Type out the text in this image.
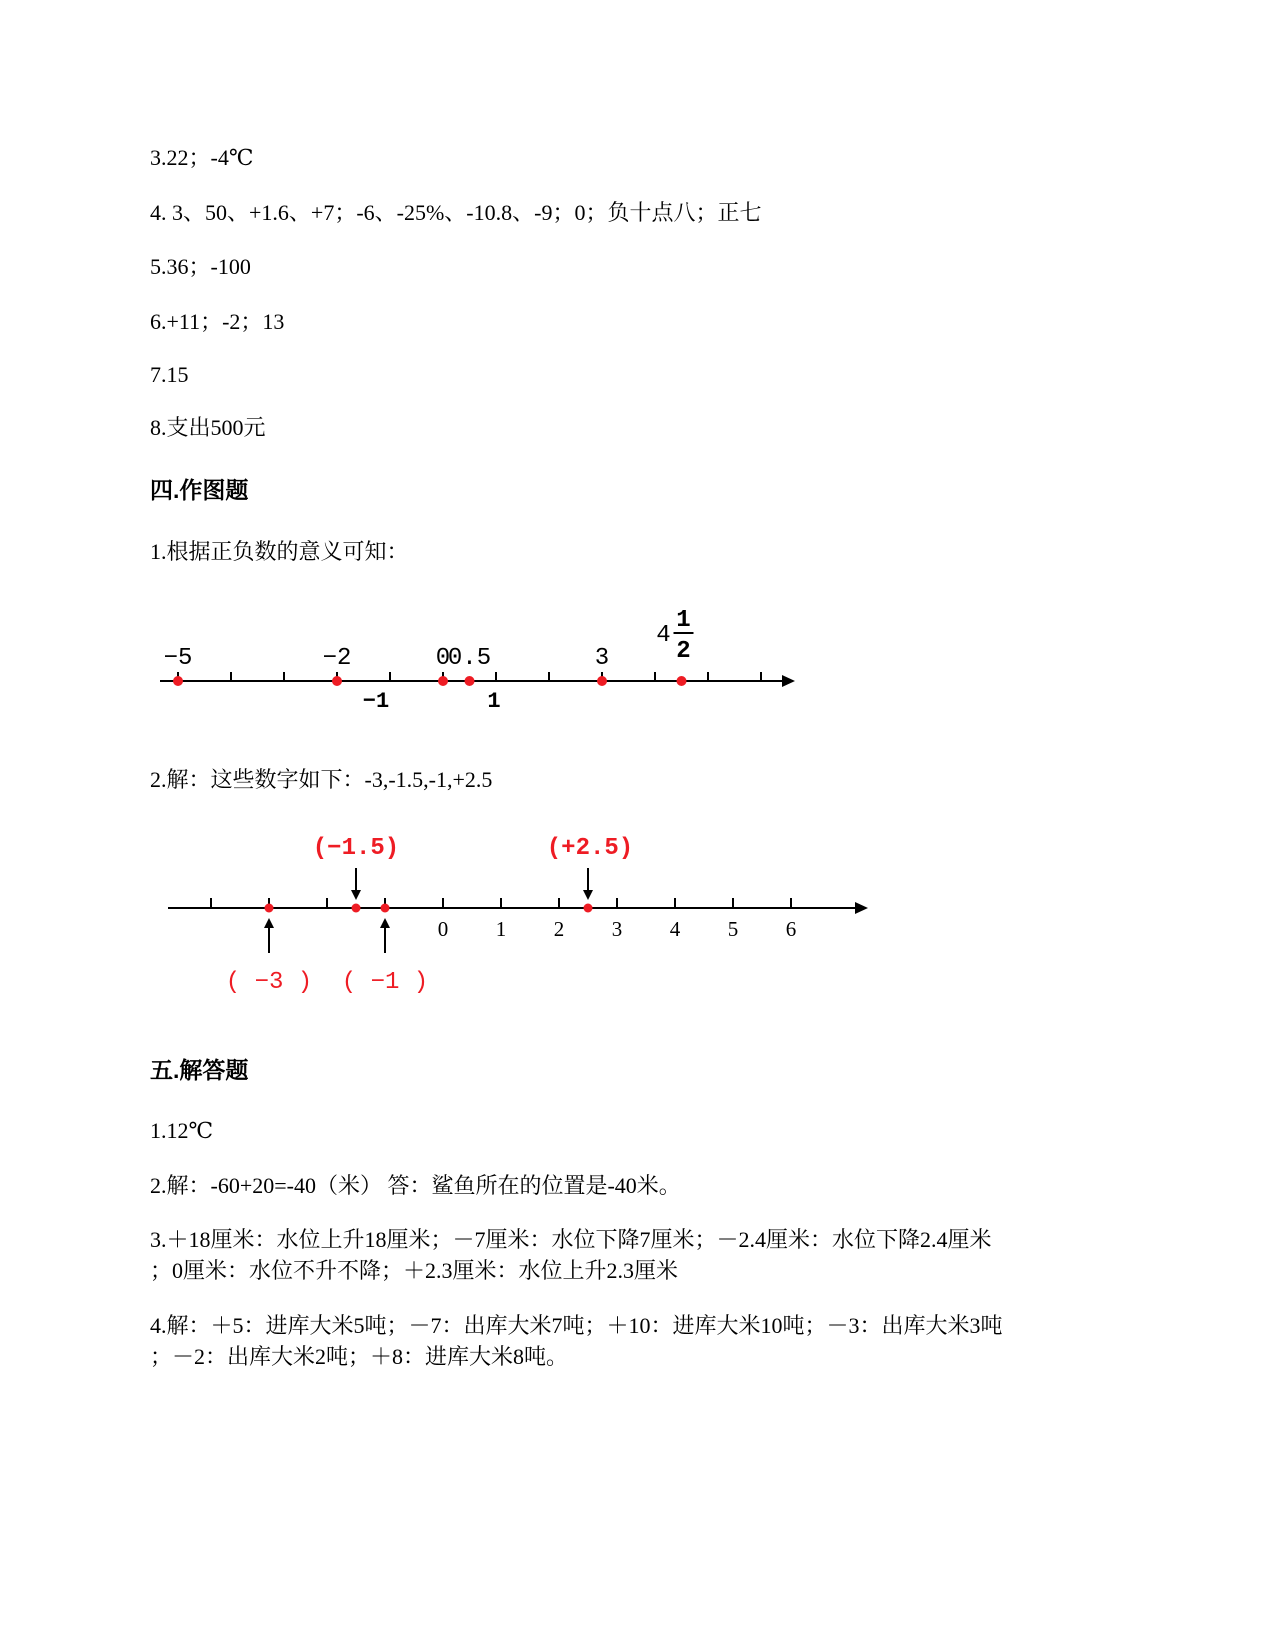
3.22；-4℃
4. 3、50、+1.6、+7；-6、-25%、-10.8、-9；0；负十点八；正七
5.36；-100
6.+11；-2；13
7.15
8.支出500元
四.作图题
1.根据正负数的意义可知：
−5	−2	0
0.5	3
4
1
2
−1	1
2.解：这些数字如下：-3,-1.5,-1,+2.5
0 1 2 3 4 5 6
(−1.5)	(+2.5)
( −3 ) ( −1 )
五.解答题
1.12℃
2.解：-60+20=-40（米） 答：鲨鱼所在的位置是-40米。
3.＋18厘米：水位上升18厘米；－7厘米：水位下降7厘米；－2.4厘米：水位下降2.4厘米
；0厘米：水位不升不降；＋2.3厘米：水位上升2.3厘米
4.解：＋5：进库大米5吨；－7：出库大米7吨；＋10：进库大米10吨；－3：出库大米3吨
；－2：出库大米2吨；＋8：进库大米8吨。
